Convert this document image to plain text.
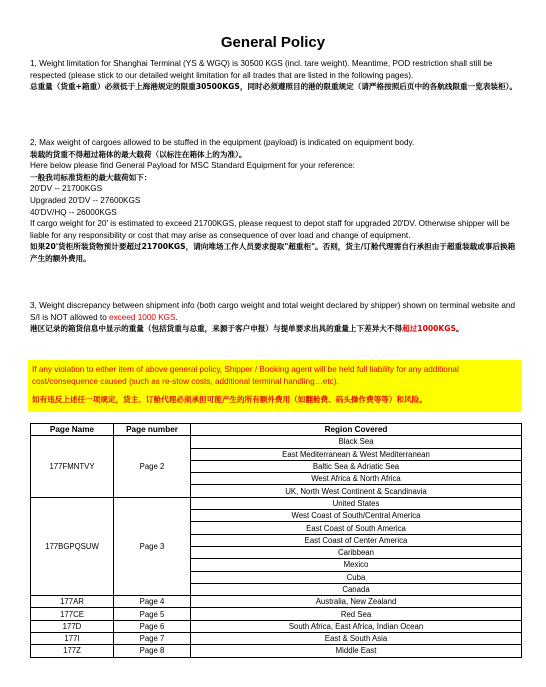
General Policy
1, Weight limitation for Shanghai Terminal (YS & WGQ) is 30500 KGS (incl. tare weight). Meantime, POD restriction shall still be respected (please stick to our detailed weight limitation for all trades that are listed in the following pages).
总重量（货重+箱重）必须低于上海港规定的限重30500KGS，同时必须遵照目的港的限重规定（请严格按照后页中的各航线限重一览表装柜）。
2, Max weight of cargoes allowed to be stuffed in the equipment (payload) is indicated on equipment body.
装载的货重不得超过箱体的最大载荷（以标注在箱体上的为准）。
Here below please find General Payload for MSC Standard Equipment for your reference:
一般我司标准货柜的最大载荷如下：
20'DV -- 21700KGS
Upgraded 20'DV -- 27600KGS
40'DV/HQ -- 26000KGS
If cargo weight for 20' is estimated to exceed 21700KGS, please request to depot staff for upgraded 20'DV. Otherwise shipper will be liable for any responsibility or cost that may arise as consequence of over load and change of equipment.
如果20'货柜所装货物预计要超过21700KGS，请向堆场工作人员要求提取"超重柜"。否则，货主/订舱代理需自行承担由于超重装载或事后换箱产生的额外费用。
3, Weight discrepancy between shipment info (both cargo weight and total weight declared by shipper) shown on terminal website and S/I is NOT allowed to exceed 1000 KGS.
港区记录的箱货信息中显示的重量（包括货重与总重，来源于客户申报）与提单要求出具的重量上下差异大不得超过1000KGS。
If any violation to either item of above general policy, Shipper / Booking agent will be held full liability for any additional cost/consequence caused (such as re-stow costs, additional terminal handling…etc).
如有违反上述任一项规定，货主、订舱代理必须承担可能产生的所有额外费用（如翻舱费、码头操作费等等）和风险。
Page Name	Page number	Region Covered
177FMNTVY	Page 2	Black Sea
		East Mediterranean & West Mediterranean
		Baltic Sea & Adriatic Sea
		West Africa & North Africa
		UK, North West Continent & Scandinavia
177BGPQSUW	Page 3	United States
		West Coast of South/Central America
		East Coast of South America
		East Coast of Center America
		Caribbean
		Mexico
		Cuba
		Canada
177AR	Page 4	Australia, New Zealand
177CE	Page 5	Red Sea
177D	Page 6	South Africa, East Africa, Indian Ocean
177I	Page 7	East & South Asia
177Z	Page 8	Middle East
